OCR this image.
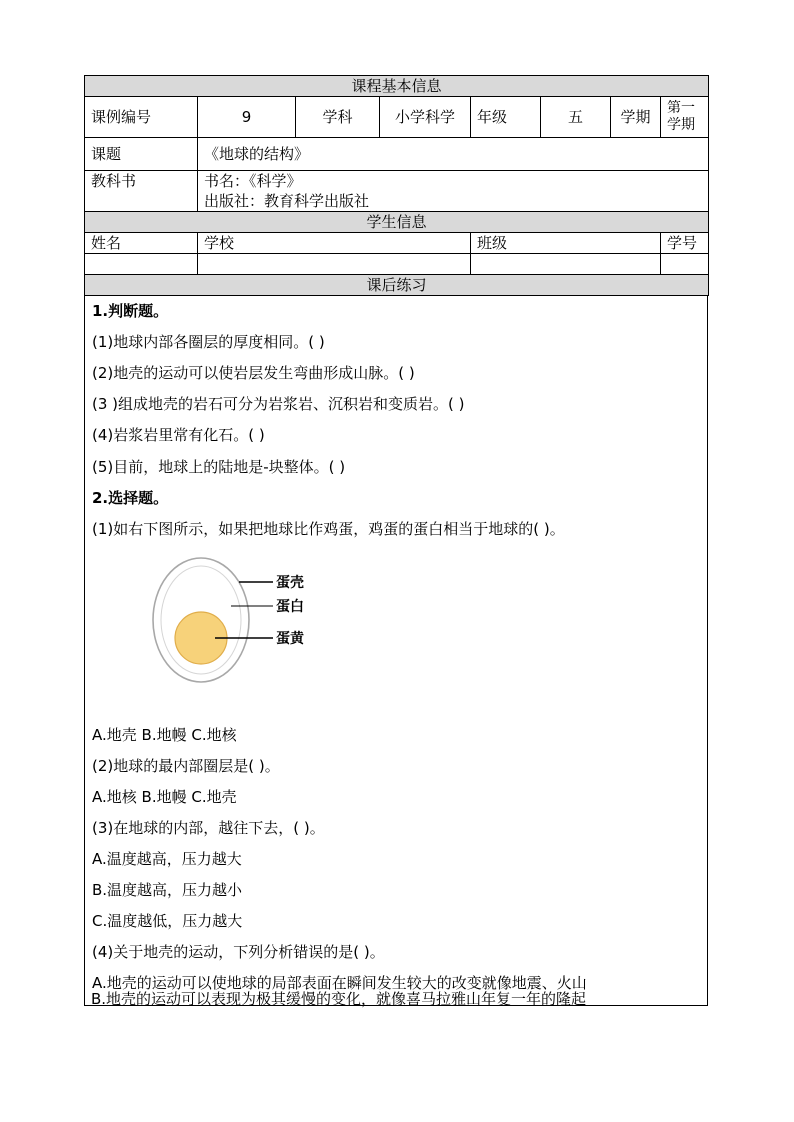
课程基本信息							
课例编号	9	学科	小学科学	年级	五	学期	第一学期
课题	《地球的结构》						
教科书	书名：《科学》
出版社：教育科学出版社						

学生信息							
姓名	学校			班级			学号

课后练习							
1.判断题。
(1)地球内部各圈层的厚度相同。( )
(2)地壳的运动可以使岩层发生弯曲形成山脉。( )
(3 )组成地壳的岩石可分为岩浆岩、沉积岩和变质岩。( )
(4)岩浆岩里常有化石。( )
(5)目前，地球上的陆地是-块整体。( )
2.选择题。
(1)如右下图所示，如果把地球比作鸡蛋，鸡蛋的蛋白相当于地球的( )。
蛋壳
蛋白
蛋黄
A.地壳 B.地幔 C.地核
(2)地球的最内部圈层是( )。
A.地核 B.地幔 C.地壳
(3)在地球的内部，越往下去，( )。
A.温度越高，压力越大
B.温度越高，压力越小
C.温度越低，压力越大
(4)关于地壳的运动，下列分析错误的是( )。
A.地壳的运动可以使地球的局部表面在瞬间发生较大的改变就像地震、火山
B.地壳的运动可以表现为极其缓慢的变化，就像喜马拉雅山年复一年的隆起
